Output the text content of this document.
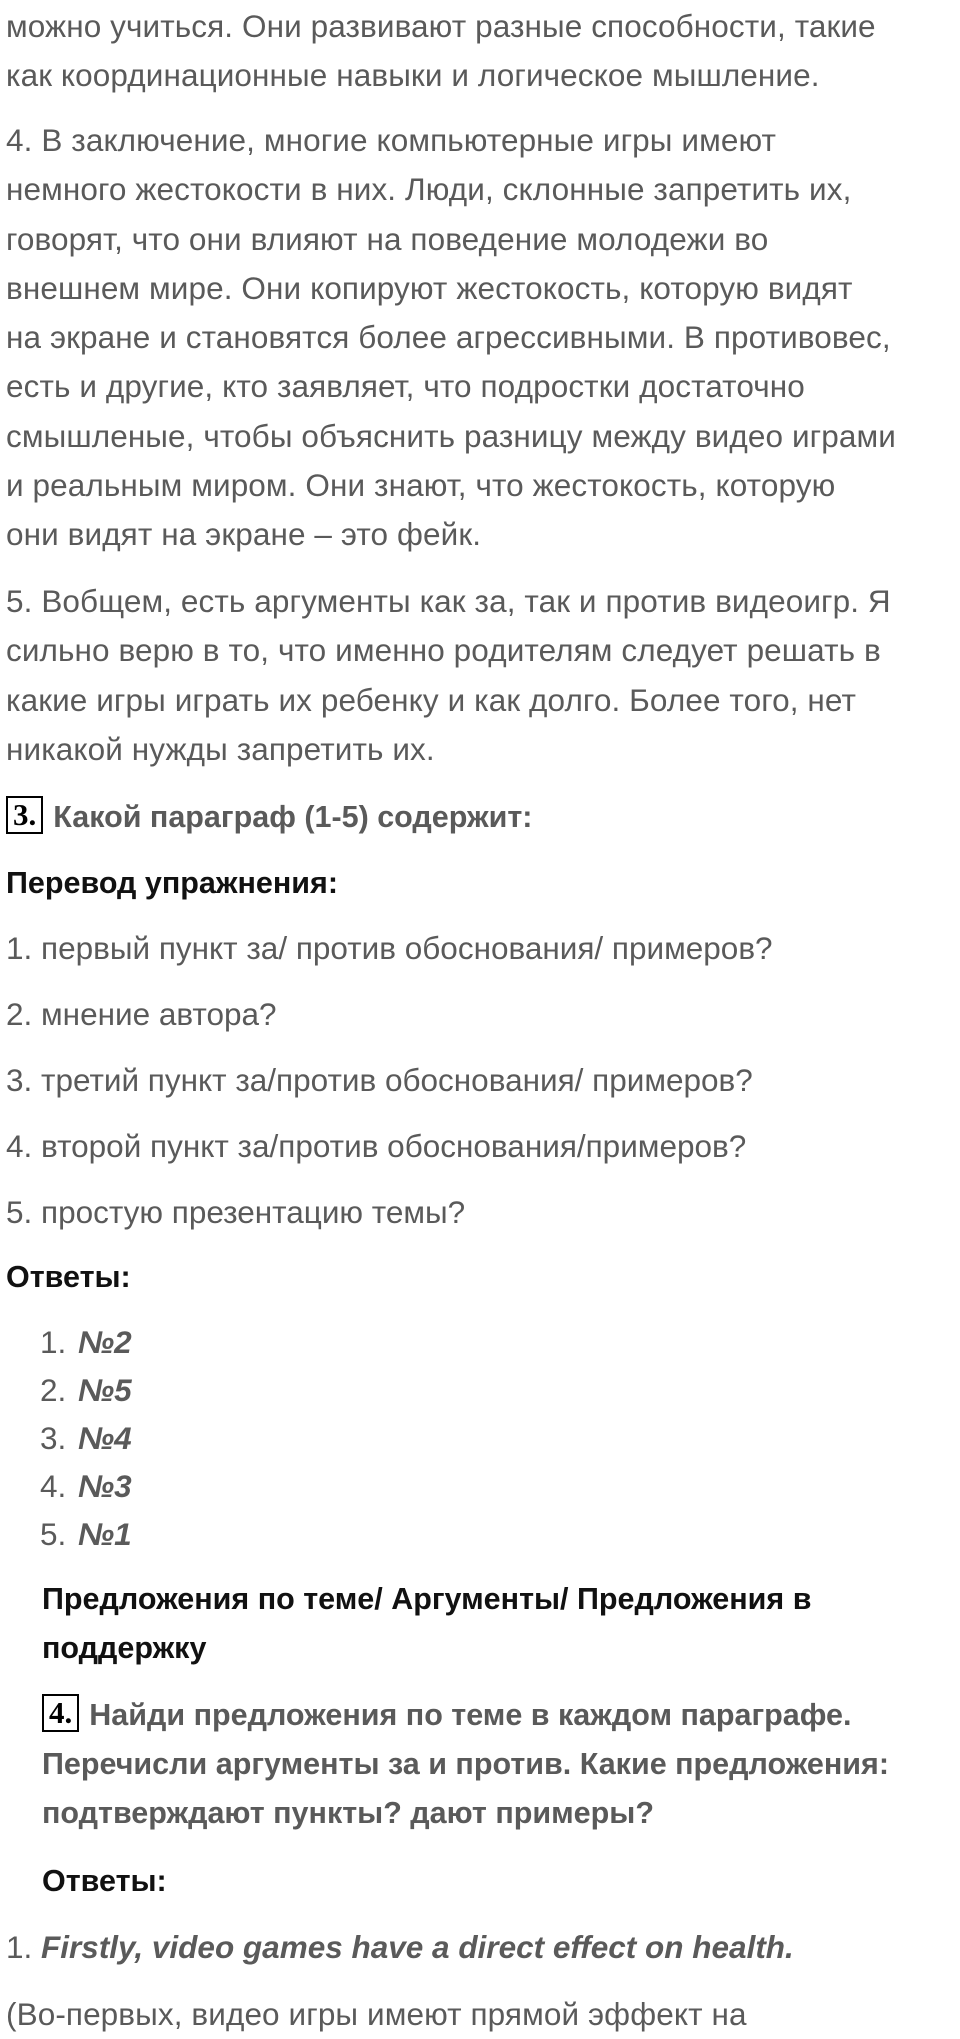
можно учиться. Они развивают разные способности, такие

как координационные навыки и логическое мышление.

4. В заключение, многие компьютерные игры имеют

немного жестокости в них. Люди, склонные запретить их,

говорят, что они влияют на поведение молодежи во

внешнем мире. Они копируют жестокость, которую видят

на экране и становятся более агрессивными. В противовес,

есть и другие, кто заявляет, что подростки достаточно

смышленые, чтобы объяснить разницу между видео играми

и реальным миром. Они знают, что жестокость, которую

они видят на экране – это фейк.

5. Вобщем, есть аргументы как за, так и против видеоигр. Я

сильно верю в то, что именно родителям следует решать в

какие игры играть их ребенку и как долго. Более того, нет

никакой нужды запретить их.

3. Какой параграф (1-5) содержит:
Перевод упражнения:

1. первый пункт за/ против обоснования/ примеров?

2. мнение автора?

3. третий пункт за/против обоснования/ примеров?

4. второй пункт за/против обоснования/примеров?

5. простую презентацию темы?

Ответы:

1. №2

2. №5

3. №4

4. №3

5. №1

Предложения по теме/ Аргументы/ Предложения в

поддержку

4. Найди предложения по теме в каждом параграфе.

Перечисли аргументы за и против. Какие предложения:

подтверждают пункты? дают примеры?

Ответы:
1. Firstly, video games have a direct effect on health.
(Во-первых, видео игры имеют прямой эффект на
